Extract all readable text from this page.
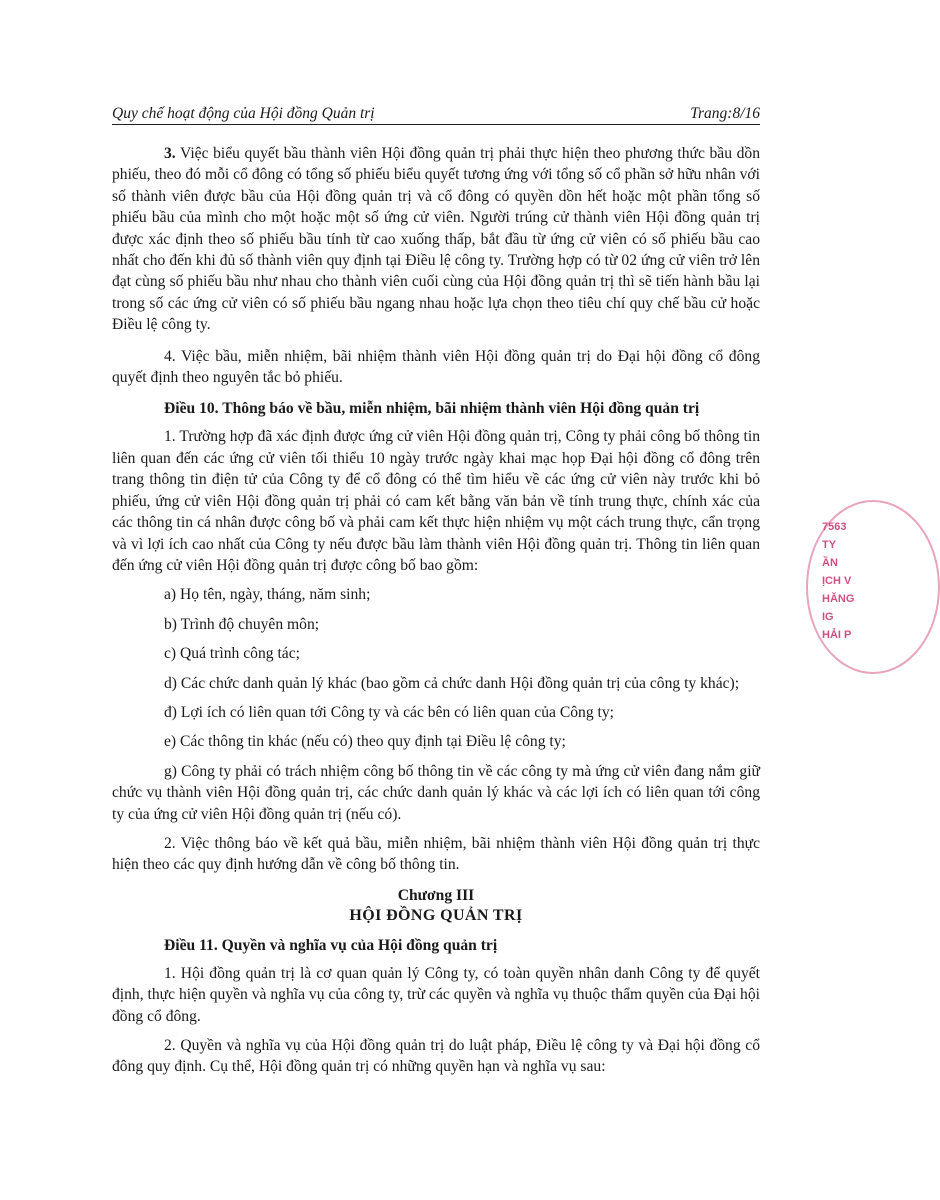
Quy chế hoạt động của Hội đồng Quản trị	Trang:8/16

3. Việc biểu quyết bầu thành viên Hội đồng quản trị phải thực hiện theo phương thức bầu dồn phiếu, theo đó mỗi cổ đông có tổng số phiếu biểu quyết tương ứng với tổng số cổ phần sở hữu nhân với số thành viên được bầu của Hội đồng quản trị và cổ đông có quyền dồn hết hoặc một phần tổng số phiếu bầu của mình cho một hoặc một số ứng cử viên. Người trúng cử thành viên Hội đồng quản trị được xác định theo số phiếu bầu tính từ cao xuống thấp, bắt đầu từ ứng cử viên có số phiếu bầu cao nhất cho đến khi đủ số thành viên quy định tại Điều lệ công ty. Trường hợp có từ 02 ứng cử viên trở lên đạt cùng số phiếu bầu như nhau cho thành viên cuối cùng của Hội đồng quản trị thì sẽ tiến hành bầu lại trong số các ứng cử viên có số phiếu bầu ngang nhau hoặc lựa chọn theo tiêu chí quy chế bầu cử hoặc Điều lệ công ty.

4. Việc bầu, miễn nhiệm, bãi nhiệm thành viên Hội đồng quản trị do Đại hội đồng cổ đông quyết định theo nguyên tắc bỏ phiếu.

Điều 10. Thông báo về bầu, miễn nhiệm, bãi nhiệm thành viên Hội đồng quản trị

1. Trường hợp đã xác định được ứng cử viên Hội đồng quản trị, Công ty phải công bố thông tin liên quan đến các ứng cử viên tối thiểu 10 ngày trước ngày khai mạc họp Đại hội đồng cổ đông trên trang thông tin điện tử của Công ty để cổ đông có thể tìm hiểu về các ứng cử viên này trước khi bỏ phiếu, ứng cử viên Hội đồng quản trị phải có cam kết bằng văn bản về tính trung thực, chính xác của các thông tin cá nhân được công bố và phải cam kết thực hiện nhiệm vụ một cách trung thực, cẩn trọng và vì lợi ích cao nhất của Công ty nếu được bầu làm thành viên Hội đồng quản trị. Thông tin liên quan đến ứng cử viên Hội đồng quản trị được công bố bao gồm:

a) Họ tên, ngày, tháng, năm sinh;

b) Trình độ chuyên môn;

c) Quá trình công tác;

d) Các chức danh quản lý khác (bao gồm cả chức danh Hội đồng quản trị của công ty khác);

đ) Lợi ích có liên quan tới Công ty và các bên có liên quan của Công ty;

e) Các thông tin khác (nếu có) theo quy định tại Điều lệ công ty;

g) Công ty phải có trách nhiệm công bố thông tin về các công ty mà ứng cử viên đang nắm giữ chức vụ thành viên Hội đồng quản trị, các chức danh quản lý khác và các lợi ích có liên quan tới công ty của ứng cử viên Hội đồng quản trị (nếu có).

2. Việc thông báo về kết quả bầu, miễn nhiệm, bãi nhiệm thành viên Hội đồng quản trị thực hiện theo các quy định hướng dẫn về công bố thông tin.

Chương III
HỘI ĐỒNG QUẢN TRỊ
Điều 11. Quyền và nghĩa vụ của Hội đồng quản trị

1. Hội đồng quản trị là cơ quan quản lý Công ty, có toàn quyền nhân danh Công ty để quyết định, thực hiện quyền và nghĩa vụ của công ty, trừ các quyền và nghĩa vụ thuộc thẩm quyền của Đại hội đồng cổ đông.

2. Quyền và nghĩa vụ của Hội đồng quản trị do luật pháp, Điều lệ công ty và Đại hội đồng cổ đông quy định. Cụ thể, Hội đồng quản trị có những quyền hạn và nghĩa vụ sau:

7563
TY
ẦN
ỊCH V
HĂNG
IG
HẢI P
